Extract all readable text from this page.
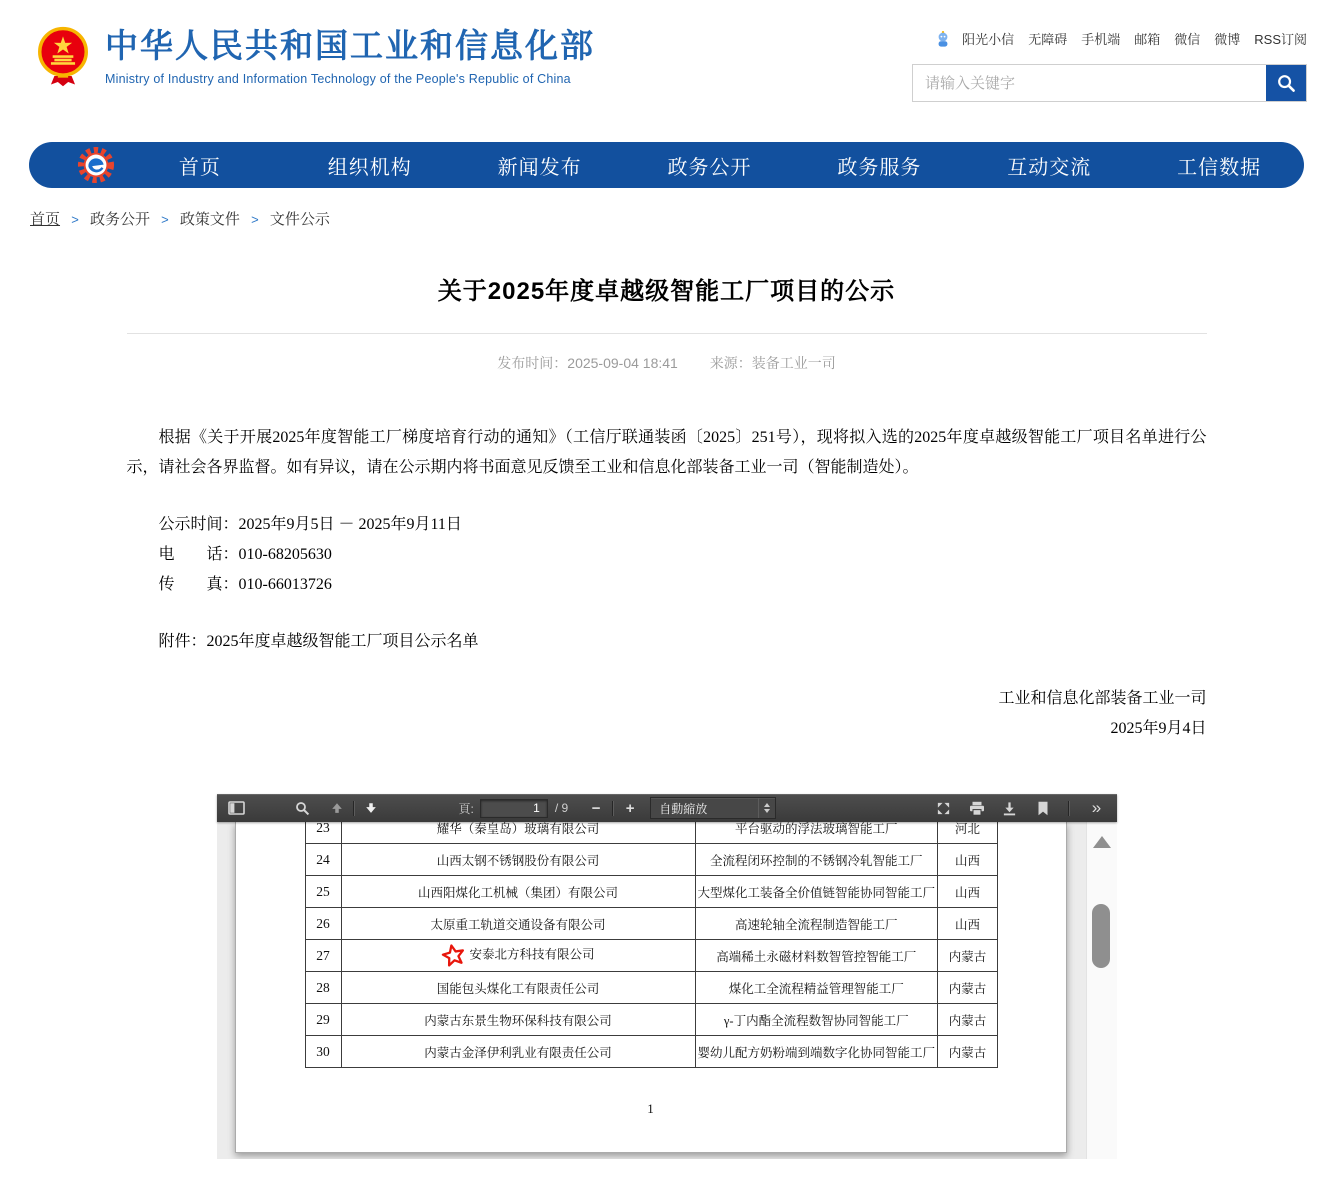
中华人民共和国工业和信息化部
Ministry of Industry and Information Technology of the People's Republic of China
阳光小信 无障碍 手机端 邮箱 微信 微博 RSS订阅
请输入关键字
首页	组织机构	新闻发布	政务公开	政务服务	互动交流	工信数据
首页 > 政务公开 > 政策文件 > 文件公示
关于2025年度卓越级智能工厂项目的公示
发布时间：2025-09-04 18:41 来源：装备工业一司

根据《关于开展2025年度智能工厂梯度培育行动的通知》（工信厅联通装函〔2025〕251号），现将拟入选的2025年度卓越级智能工厂项目名单进行公示，请社会各界监督。如有异议，请在公示期内将书面意见反馈至工业和信息化部装备工业一司（智能制造处）。

公示时间：2025年9月5日 － 2025年9月11日

电　　话：010-68205630

传　　真：010-66013726

附件：2025年度卓越级智能工厂项目公示名单

工业和信息化部装备工业一司

2025年9月4日

頁:
1	/ 9	−	+	自動縮放	»
23	耀华（秦皇岛）玻璃有限公司	平台驱动的浮法玻璃智能工厂	河北
24	山西太钢不锈钢股份有限公司	全流程闭环控制的不锈钢冷轧智能工厂	山西
25	山西阳煤化工机械（集团）有限公司	大型煤化工装备全价值链智能协同智能工厂	山西
26	太原重工轨道交通设备有限公司	高速轮轴全流程制造智能工厂	山西
27	安泰北方科技有限公司	高端稀土永磁材料数智管控智能工厂	内蒙古
28	国能包头煤化工有限责任公司	煤化工全流程精益管理智能工厂	内蒙古
29	内蒙古东景生物环保科技有限公司	γ-丁内酯全流程数智协同智能工厂	内蒙古
30	内蒙古金泽伊利乳业有限责任公司	婴幼儿配方奶粉端到端数字化协同智能工厂	内蒙古
1
